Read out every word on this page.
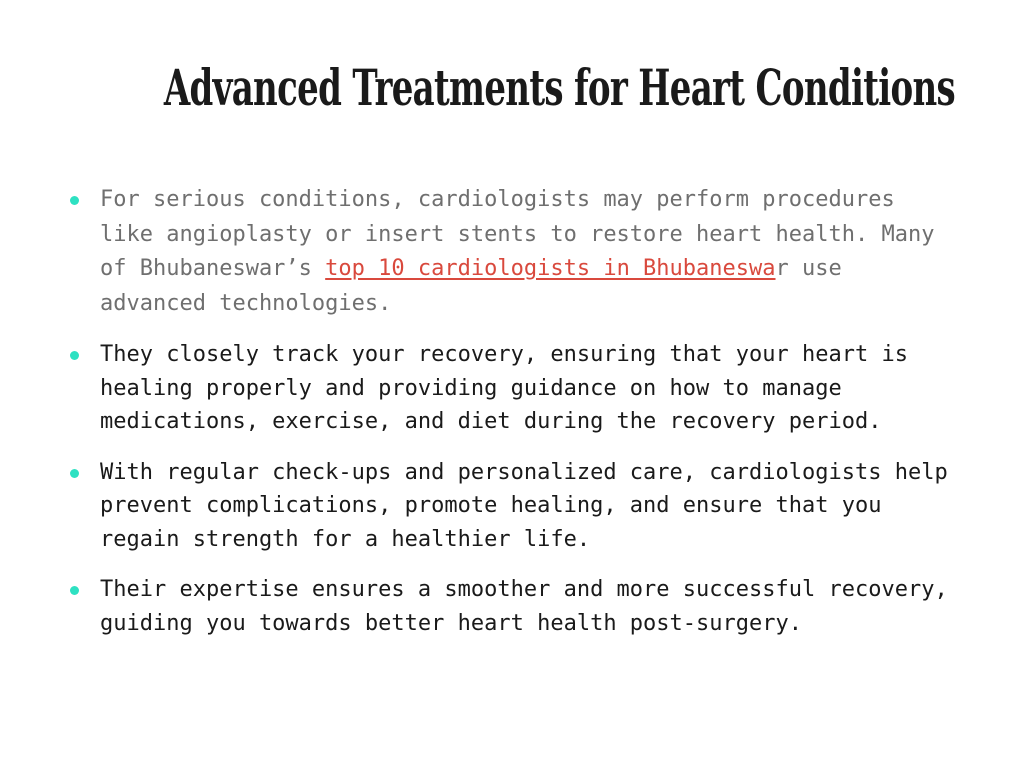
Advanced Treatments for Heart Conditions
For serious conditions, cardiologists may perform procedures like angioplasty or insert stents to restore heart health. Many of Bhubaneswar’s top 10 cardiologists in Bhubaneswar use advanced technologies.
They closely track your recovery, ensuring that your heart is healing properly and providing guidance on how to manage medications, exercise, and diet during the recovery period.
With regular check-ups and personalized care, cardiologists help prevent complications, promote healing, and ensure that you regain strength for a healthier life.
Their expertise ensures a smoother and more successful recovery, guiding you towards better heart health post-surgery.
